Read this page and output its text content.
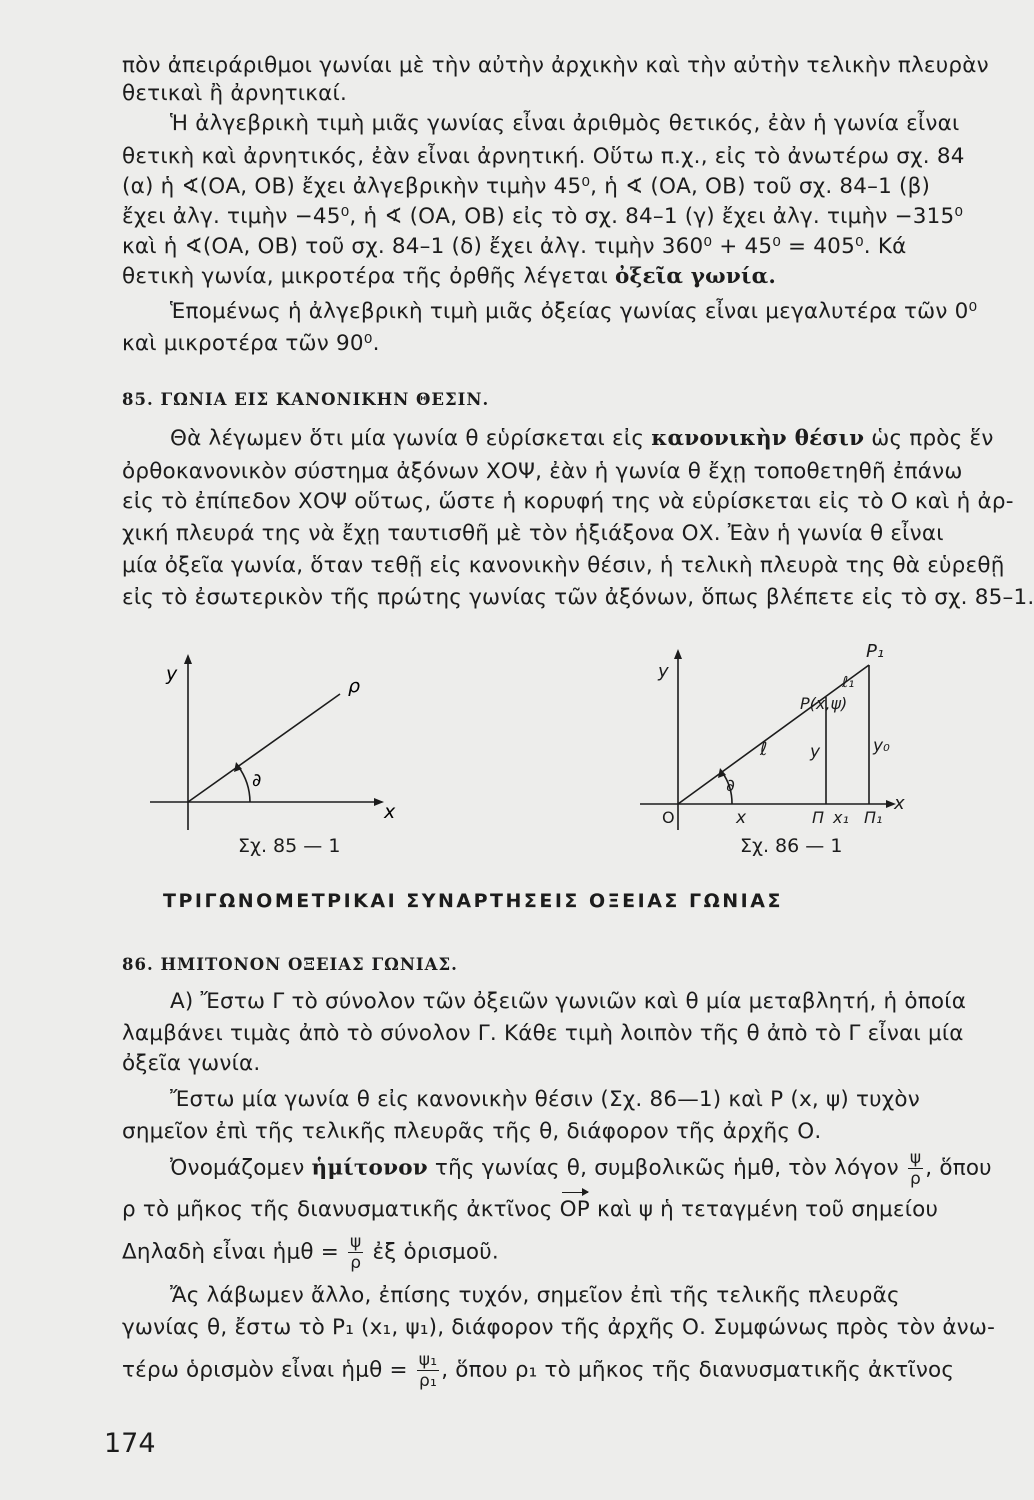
πὸν ἀπειράριθμοι γωνίαι μὲ τὴν αὐτὴν ἀρχικὴν καὶ τὴν αὐτὴν τελικὴν πλευρὰν
θετικαὶ ἢ ἀρνητικαί.
Ἡ ἀλγεβρικὴ τιμὴ μιᾶς γωνίας εἶναι ἀριθμὸς θετικός, ἐὰν ἡ γωνία εἶναι
θετικὴ καὶ ἀρνητικός, ἐὰν εἶναι ἀρνητική. Οὕτω π.χ., εἰς τὸ ἀνωτέρω σχ. 84
(α) ἡ ∢(ΟΑ, ΟΒ) ἔχει ἀλγεβρικὴν τιμὴν 45⁰, ἡ ∢ (ΟΑ, ΟΒ) τοῦ σχ. 84–1 (β)
ἔχει ἀλγ. τιμὴν −45⁰, ἡ ∢ (ΟΑ, ΟΒ) εἰς τὸ σχ. 84–1 (γ) ἔχει ἀλγ. τιμὴν −315⁰
καὶ ἡ ∢(ΟΑ, ΟΒ) τοῦ σχ. 84–1 (δ) ἔχει ἀλγ. τιμὴν 360⁰ + 45⁰ = 405⁰. Κά
θετικὴ γωνία, μικροτέρα τῆς ὀρθῆς λέγεται ὀξεῖα γωνία.
Ἑπομένως ἡ ἀλγεβρικὴ τιμὴ μιᾶς ὀξείας γωνίας εἶναι μεγαλυτέρα τῶν 0⁰
καὶ μικροτέρα τῶν 90⁰.
85. ΓΩΝΙΑ ΕΙΣ ΚΑΝΟΝΙΚΗΝ ΘΕΣΙΝ.
Θὰ λέγωμεν ὅτι μία γωνία θ εὑρίσκεται εἰς κανονικὴν θέσιν ὡς πρὸς ἕν
ὀρθοκανονικὸν σύστημα ἀξόνων ΧΟΨ, ἐὰν ἡ γωνία θ ἔχῃ τοποθετηθῆ ἐπάνω
εἰς τὸ ἐπίπεδον ΧΟΨ οὕτως, ὥστε ἡ κορυφή της νὰ εὑρίσκεται εἰς τὸ Ο καὶ ἡ ἀρ-
χική πλευρά της νὰ ἔχῃ ταυτισθῆ μὲ τὸν ἡξιάξονα ΟΧ. Ἐὰν ἡ γωνία θ εἶναι
μία ὀξεῖα γωνία, ὅταν τεθῇ εἰς κανονικὴν θέσιν, ἡ τελικὴ πλευρὰ της θὰ εὑρεθῇ
εἰς τὸ ἐσωτερικὸν τῆς πρώτης γωνίας τῶν ἀξόνων, ὅπως βλέπετε εἰς τὸ σχ. 85–1.
y
ρ
∂
x
Σχ. 85 — 1
y
P₁
ℓ₁
P(x,ψ)
ℓ	y	y₀
∂
O	x	Π x₁ Π₁
x
Σχ. 86 — 1
ΤΡΙΓΩΝΟΜΕΤΡΙΚΑΙ ΣΥΝΑΡΤΗΣΕΙΣ ΟΞΕΙΑΣ ΓΩΝΙΑΣ
86. ΗΜΙΤΟΝΟΝ ΟΞΕΙΑΣ ΓΩΝΙΑΣ.
Α) Ἔστω Γ τὸ σύνολον τῶν ὀξειῶν γωνιῶν καὶ θ μία μεταβλητή, ἡ ὁποία
λαμβάνει τιμὰς ἀπὸ τὸ σύνολον Γ. Κάθε τιμὴ λοιπὸν τῆς θ ἀπὸ τὸ Γ εἶναι μία
ὀξεῖα γωνία.
Ἔστω μία γωνία θ εἰς κανονικὴν θέσιν (Σχ. 86—1) καὶ Ρ (x, ψ) τυχὸν
σημεῖον ἐπὶ τῆς τελικῆς πλευρᾶς τῆς θ, διάφορον τῆς ἀρχῆς Ο.
Ὀνομάζομεν ἡμίτονον τῆς γωνίας θ, συμβολικῶς ἡμθ, τὸν λόγον $\frac{\psi}{\rho}$ , ὅπου
ρ τὸ μῆκος τῆς διανυσματικῆς ἀκτῖνος OP καὶ ψ ἡ τεταγμένη τοῦ σημείου
Δηλαδὴ εἶναι ἡμθ = $\frac{\psi}{\rho}$ ἐξ ὁρισμοῦ.
Ἄς λάβωμεν ἄλλο, ἐπίσης τυχόν, σημεῖον ἐπὶ τῆς τελικῆς πλευρᾶς
γωνίας θ, ἔστω τὸ Ρ₁ (x₁, ψ₁), διάφορον τῆς ἀρχῆς Ο. Συμφώνως πρὸς τὸν ἀνω-
τέρω ὁρισμὸν εἶναι ἡμθ = $\frac{\text{ψ₁}}{\text{ρ₁}}$ , ὅπου ρ₁ τὸ μῆκος τῆς διανυσματικῆς ἀκτῖνος
174
